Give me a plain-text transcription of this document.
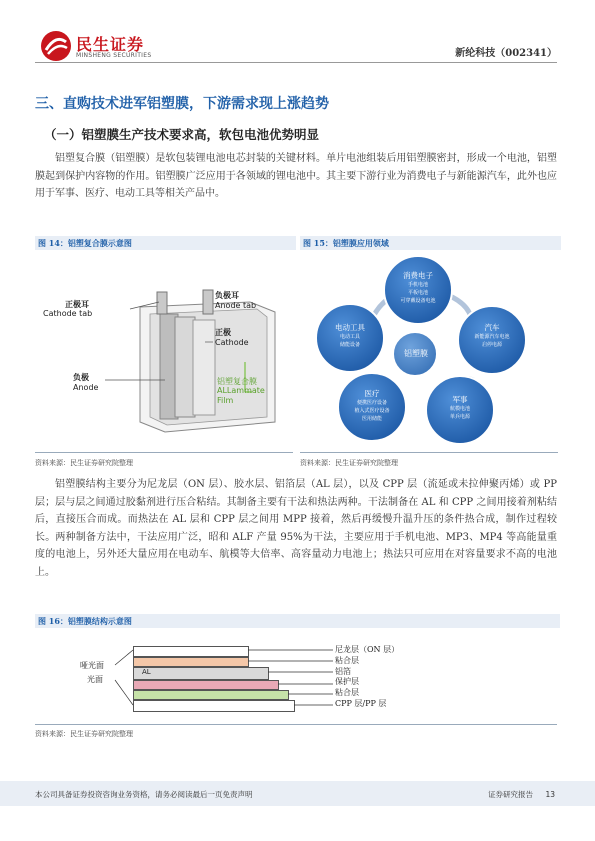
民生证券
MINSHENG SECURITIES	新纶科技（002341）
三、直购技术进军铝塑膜，下游需求现上涨趋势
（一）铝塑膜生产技术要求高，软包电池优势明显
铝塑复合膜（铝塑膜）是软包装锂电池电芯封装的关键材料。单片电池组装后用铝塑膜密封，形成一个电池，铝塑膜起到保护内容物的作用。铝塑膜广泛应用于各领域的锂电池中。其主要下游行业为消费电子与新能源汽车，此外也应用于军事、医疗、电动工具等相关产品中。
图 14：铝塑复合膜示意图
正极耳
Cathode tab
负极耳
Anode tab
正极
Cathode
负极
Anode
铝塑复合膜
ALLammate
Film
资料来源：民生证券研究院整理
图 15：铝塑膜应用领域
铝塑膜
消费电子
手机电池
平板电池
可穿戴设备电池
汽车
新能源汽车电池
启停电源
军事
航模电池
单兵电源
医疗
便携医疗设备
植入式医疗设备
医用储能
电动工具
电动工具
储能设备
资料来源：民生证券研究院整理
铝塑膜结构主要分为尼龙层（ON 层）、胶水层、铝箔层（AL 层），以及 CPP 层（流延或未拉伸聚丙烯）或 PP 层；层与层之间通过胶黏剂进行压合粘结。其制备主要有干法和热法两种。干法制备在 AL 和 CPP 之间用接着剂粘结后，直接压合而成。而热法在 AL 层和 CPP 层之间用 MPP 接着，然后再缓慢升温升压的条件热合成，制作过程较长。两种制备方法中，干法应用广泛，昭和 ALF 产量 95%为干法，主要应用于手机电池、MP3、MP4 等高能量重度的电池上，另外还大量应用在电动车、航模等大倍率、高容量动力电池上；热法只可应用在对容量要求不高的电池上。
图 16：铝塑膜结构示意图
AL
哑光面
光面
尼龙层（ON 层）
粘合层
铝箔
保护层
粘合层
CPP 层/PP 层
资料来源：民生证券研究院整理
本公司具备证券投资咨询业务资格，请务必阅读最后一页免责声明	证券研究报告 13
